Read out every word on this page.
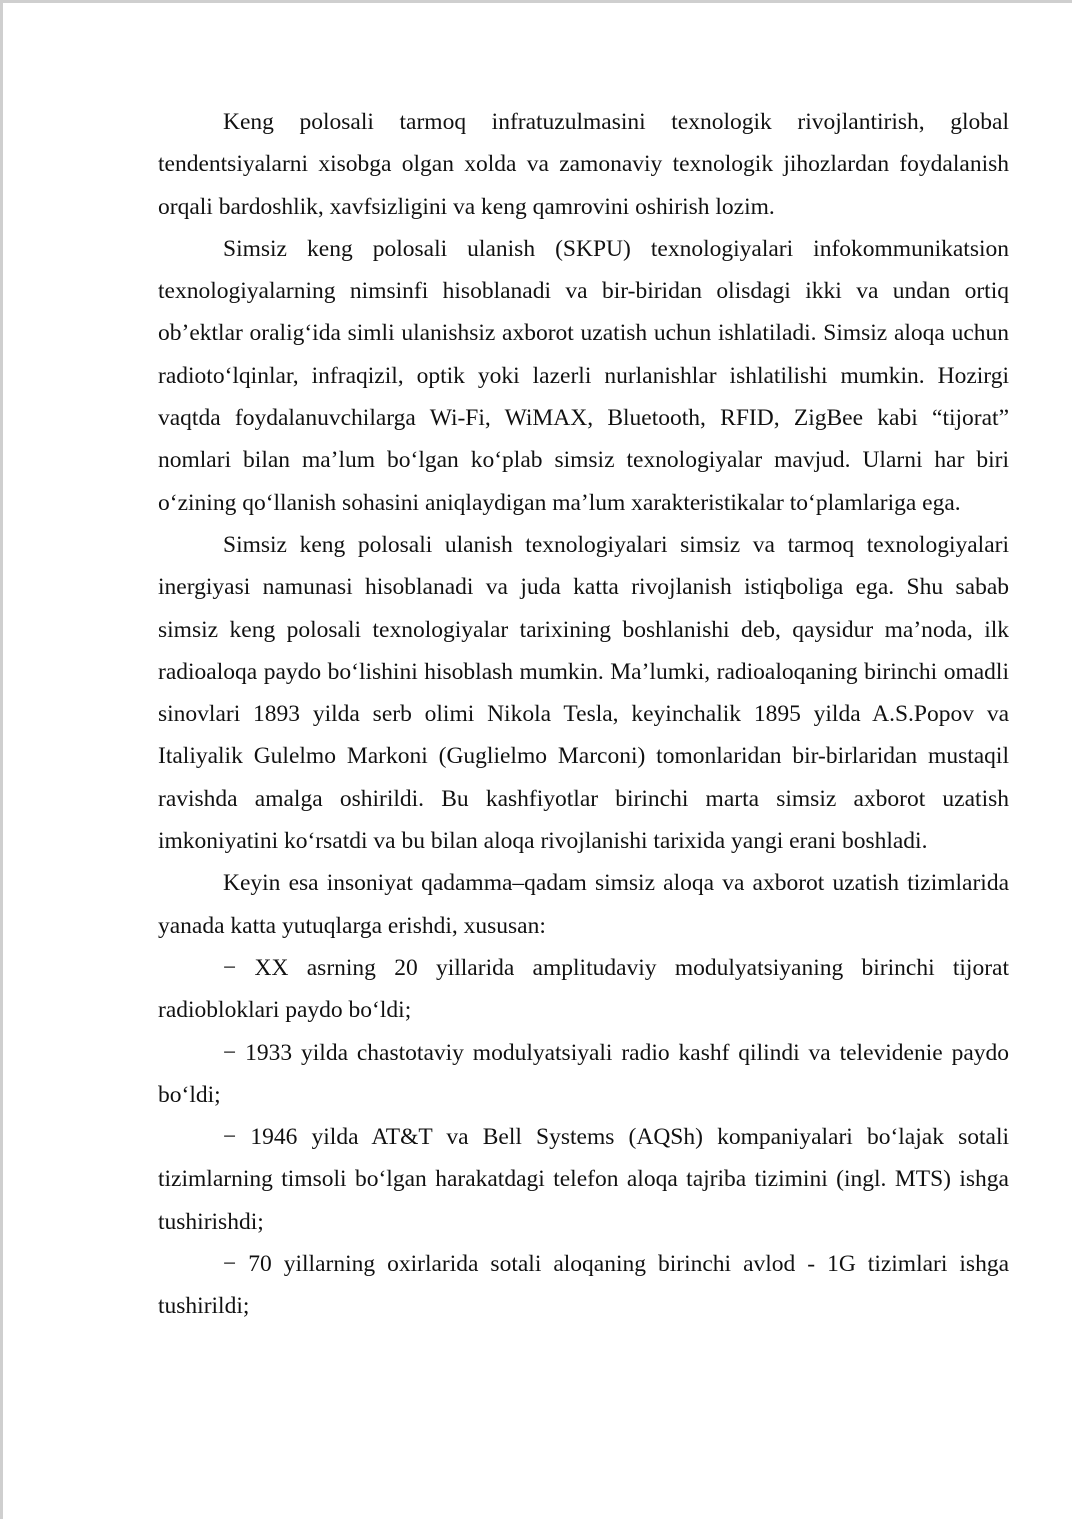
Keng polosali tarmoq infratuzulmasini texnologik rivojlantirish, global tendentsiyalarni xisobga olgan xolda va zamonaviy texnologik jihozlardan foydalanish orqali bardoshlik, xavfsizligini va keng qamrovini oshirish lozim.

Simsiz keng polosali ulanish (SKPU) texnologiyalari infokommunikatsion texnologiyalarning nimsinfi hisoblanadi va bir-biridan olisdagi ikki va undan ortiq ob’ektlar oralig‘ida simli ulanishsiz axborot uzatish uchun ishlatiladi. Simsiz aloqa uchun radioto‘lqinlar, infraqizil, optik yoki lazerli nurlanishlar ishlatilishi mumkin. Hozirgi vaqtda foydalanuvchilarga Wi-Fi, WiMAX, Bluetooth, RFID, ZigBee kabi “tijorat” nomlari bilan ma’lum bo‘lgan ko‘plab simsiz texnologiyalar mavjud. Ularni har biri o‘zining qo‘llanish sohasini aniqlaydigan ma’lum xarakteristikalar to‘plamlariga ega.

Simsiz keng polosali ulanish texnologiyalari simsiz va tarmoq texnologiyalari inergiyasi namunasi hisoblanadi va juda katta rivojlanish istiqboliga ega. Shu sabab simsiz keng polosali texnologiyalar tarixining boshlanishi deb, qaysidur ma’noda, ilk radioaloqa paydo bo‘lishini hisoblash mumkin. Ma’lumki, radioaloqaning birinchi omadli sinovlari 1893 yilda serb olimi Nikola Tesla, keyinchalik 1895 yilda A.S.Popov va Italiyalik Gulelmo Markoni (Guglielmo Marconi) tomonlaridan bir-birlaridan mustaqil ravishda amalga oshirildi. Bu kashfiyotlar birinchi marta simsiz axborot uzatish imkoniyatini ko‘rsatdi va bu bilan aloqa rivojlanishi tarixida yangi erani boshladi.

Keyin esa insoniyat qadamma–qadam simsiz aloqa va axborot uzatish tizimlarida yanada katta yutuqlarga erishdi, xususan:

− XX asrning 20 yillarida amplitudaviy modulyatsiyaning birinchi tijorat radiobloklari paydo bo‘ldi;

− 1933 yilda chastotaviy modulyatsiyali radio kashf qilindi va televidenie paydo bo‘ldi;

− 1946 yilda AT&T va Bell Systems (AQSh) kompaniyalari bo‘lajak sotali tizimlarning timsoli bo‘lgan harakatdagi telefon aloqa tajriba tizimini (ingl. MTS) ishga tushirishdi;

− 70 yillarning oxirlarida sotali aloqaning birinchi avlod - 1G tizimlari ishga tushirildi;
